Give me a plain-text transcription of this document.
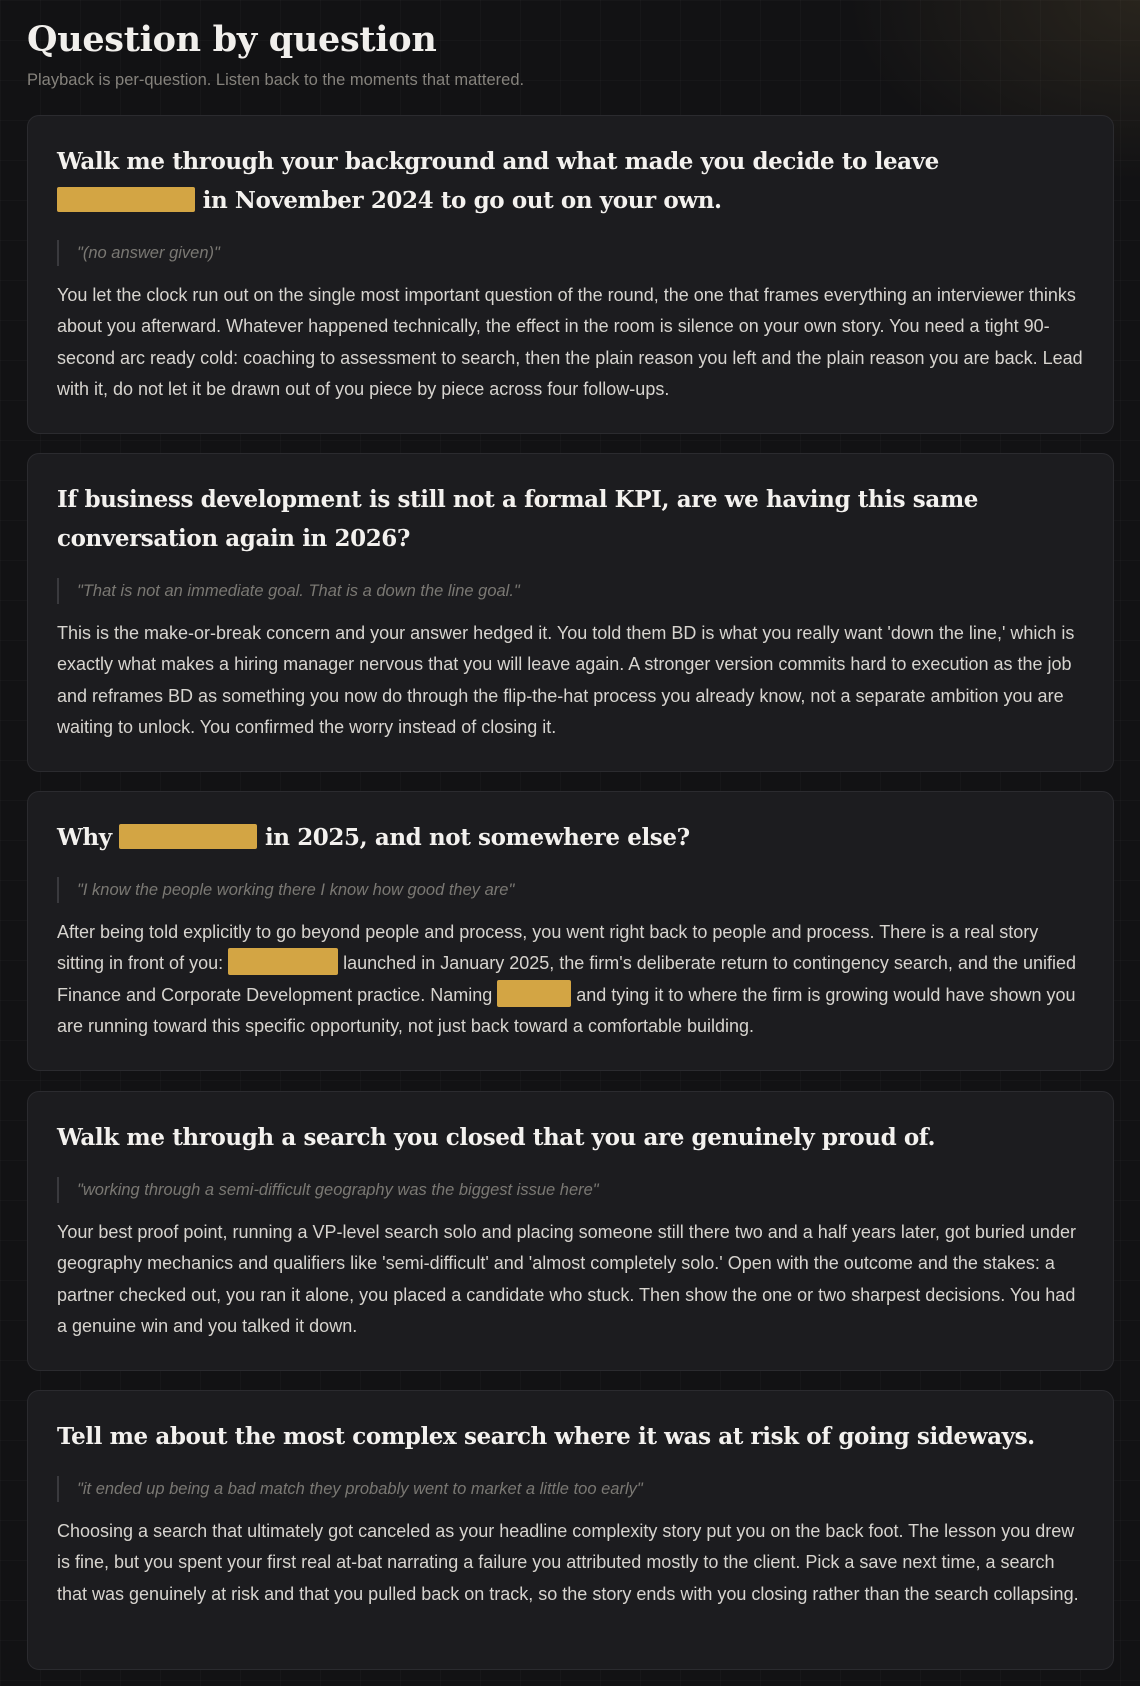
Question by question
Playback is per-question. Listen back to the moments that mattered.
Walk me through your background and what made you decide to leave  in November 2024 to go out on your own.
"(no answer given)"
You let the clock run out on the single most important question of the round, the one that frames everything an interviewer thinks about you afterward. Whatever happened technically, the effect in the room is silence on your own story. You need a tight 90-second arc ready cold: coaching to assessment to search, then the plain reason you left and the plain reason you are back. Lead with it, do not let it be drawn out of you piece by piece across four follow-ups.
If business development is still not a formal KPI, are we having this same conversation again in 2026?
"That is not an immediate goal. That is a down the line goal."
This is the make-or-break concern and your answer hedged it. You told them BD is what you really want 'down the line,' which is exactly what makes a hiring manager nervous that you will leave again. A stronger version commits hard to execution as the job and reframes BD as something you now do through the flip-the-hat process you already know, not a separate ambition you are waiting to unlock. You confirmed the worry instead of closing it.
Why	in 2025, and not somewhere else?
"I know the people working there I know how good they are"
After being told explicitly to go beyond people and process, you went right back to people and process. There is a real story sitting in front of you:	launched in January 2025, the firm's deliberate return to contingency search, and the unified Finance and Corporate Development practice. Naming	and tying it to where the firm is growing would have shown you are running toward this specific opportunity, not just back toward a comfortable building.
Walk me through a search you closed that you are genuinely proud of.
"working through a semi-difficult geography was the biggest issue here"
Your best proof point, running a VP-level search solo and placing someone still there two and a half years later, got buried under geography mechanics and qualifiers like 'semi-difficult' and 'almost completely solo.' Open with the outcome and the stakes: a partner checked out, you ran it alone, you placed a candidate who stuck. Then show the one or two sharpest decisions. You had a genuine win and you talked it down.
Tell me about the most complex search where it was at risk of going sideways.
"it ended up being a bad match they probably went to market a little too early"
Choosing a search that ultimately got canceled as your headline complexity story put you on the back foot. The lesson you drew is fine, but you spent your first real at-bat narrating a failure you attributed mostly to the client. Pick a save next time, a search that was genuinely at risk and that you pulled back on track, so the story ends with you closing rather than the search collapsing.
